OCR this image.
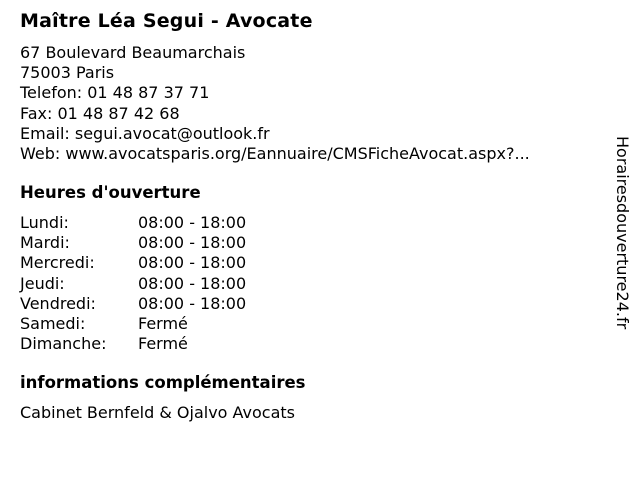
Maître Léa Segui - Avocate
67 Boulevard Beaumarchais
75003 Paris
Telefon: 01 48 87 37 71
Fax: 01 48 87 42 68
Email: segui.avocat@outlook.fr
Web: www.avocatsparis.org/Eannuaire/CMSFicheAvocat.aspx?...
Heures d'ouverture
Lundi:	08:00 - 18:00
Mardi:	08:00 - 18:00
Mercredi:	08:00 - 18:00
Jeudi:	08:00 - 18:00
Vendredi:	08:00 - 18:00
Samedi:	Fermé
Dimanche:	Fermé
informations complémentaires
Cabinet Bernfeld & Ojalvo Avocats
Horairesdouverture24.fr
